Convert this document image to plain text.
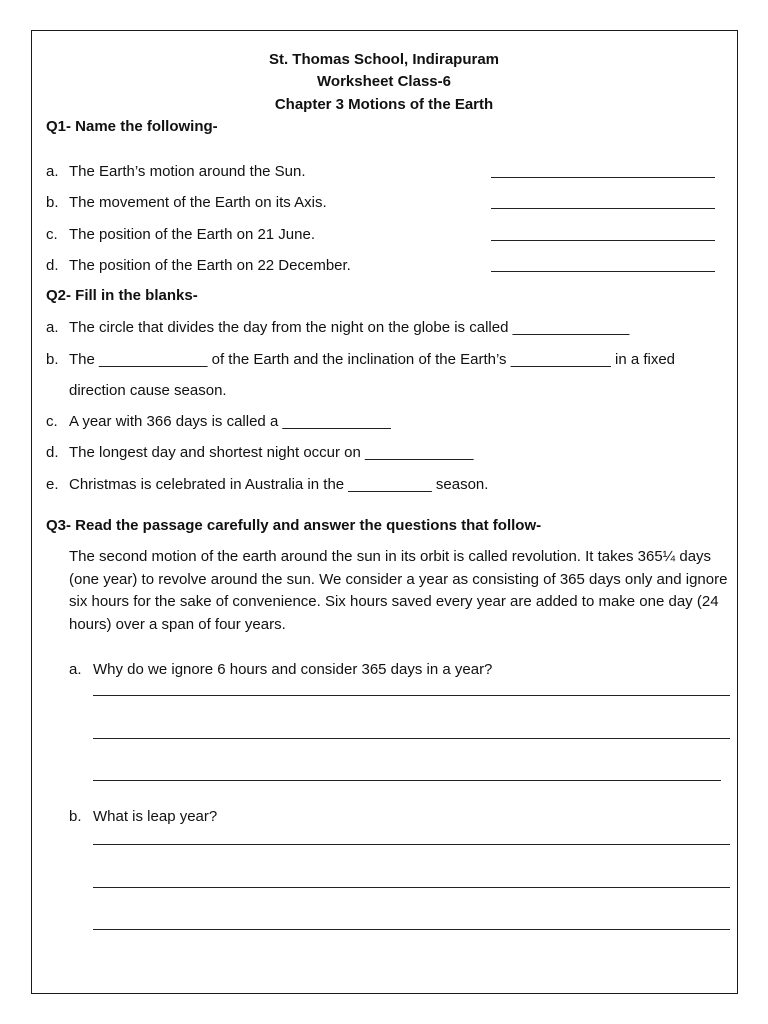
St. Thomas School, Indirapuram
Worksheet Class-6
Chapter 3 Motions of the Earth
Q1- Name the following-
a. The Earth’s motion around the Sun.
b. The movement of the Earth on its Axis.
c. The position of the Earth on 21 June.
d. The position of the Earth on 22 December.
Q2- Fill in the blanks-
a. The circle that divides the day from the night on the globe is called ______________
b. The _____________ of the Earth and the inclination of the Earth’s ____________ in a fixed
direction cause season.
c. A year with 366 days is called a _____________
d. The longest day and shortest night occur on _____________
e. Christmas is celebrated in Australia in the __________ season.
Q3- Read the passage carefully and answer the questions that follow-

The second motion of the earth around the sun in its orbit is called revolution. It takes 365¼ days (one year) to revolve around the sun. We consider a year as consisting of 365 days only and ignore six hours for the sake of convenience. Six hours saved every year are added to make one day (24 hours) over a span of four years.

a. Why do we ignore 6 hours and consider 365 days in a year?
b. What is leap year?
